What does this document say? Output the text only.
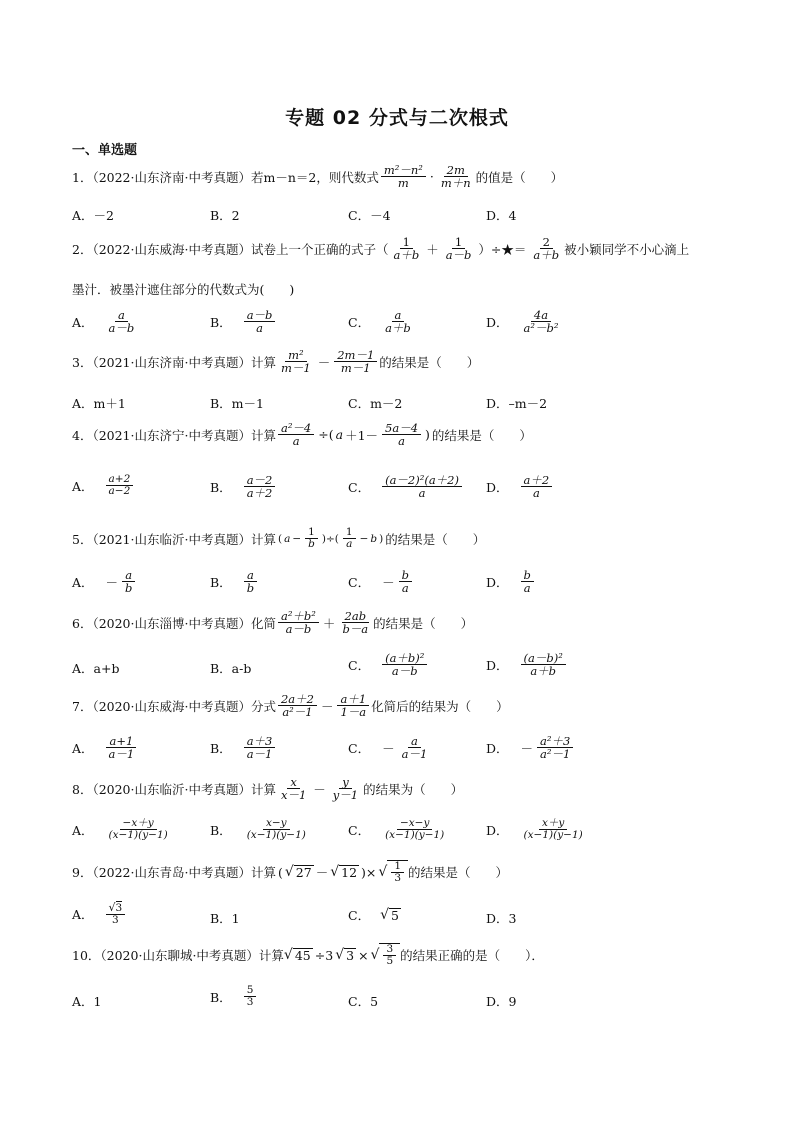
专题 02 分式与二次根式
一、单选题
1．（2022·山东济南·中考真题）若 m－n＝2，则代数式 $\frac{\text{m²－n²}}{m} \cdot \frac{2m}{m+n}$ 的值是（　　）
A．－2	B．2	C．－4	D．4
2．（2022·山东威海·中考真题）试卷上一个正确的式子（ $\frac{1}{a+b} + \frac{1}{a-b}$ ）÷★＝ $\frac{2}{a+b}$ 被小颖同学不小心滴上
墨汁．被墨汁遮住部分的代数式为(　　)
A． $\frac{a}{a-b}$	B． $\frac{a-b}{a}$	C． $\frac{a}{a+b}$	D． $\frac{4a}{\text{a²－b²}}$
3．（2021·山东济南·中考真题）计算 $\frac{\text{m²}}{m-1} - \frac{2m-1}{m-1}$ 的结果是（　　）
A．m＋1	B．m－1	C．m－2	D．–m－2
4．（2021·山东济宁·中考真题）计算 $\frac{\text{a²－4}}{a}$ ÷( $a +1- \frac{5a-4}{a}$ ) 的结果是（　　）
A． $\frac{a+2}{a-2}$	B． $\frac{a-2}{a+2}$	C． $\frac{\text{(a－2)²(a＋2)}}{a}$ D． $\frac{a+2}{a}$
5．（2021·山东临沂·中考真题）计算 ( $a - \frac{1}{b}$ )÷( $\frac{1}{a} - b$ ) 的结果是（　　）
A． － $\frac{a}{b}$	B． $\frac{a}{b}$	C． － $\frac{b}{a}$	D． $\frac{b}{a}$
6．（2020·山东淄博·中考真题）化简 $\frac{\text{a²＋b²}}{a-b} + \frac{2ab}{b-a}$ 的结果是（　　）
A．a+b	B．a-b	C． $\frac{\text{(a＋b)²}}{a-b}$	D． $\frac{\text{(a－b)²}}{a+b}$
7．（2020·山东威海·中考真题）分式 $\frac{2a+2}{\text{a²－1}} - \frac{a+1}{1-a}$ 化简后的结果为（　　）
A． $\frac{a+1}{a-1}$	B． $\frac{a+3}{a-1}$	C． － $\frac{a}{a-1}$	D． － $\frac{\text{a²＋3}}{\text{a²－1}}$
8．（2020·山东临沂·中考真题）计算 $\frac{x}{x-1} - \frac{y}{y-1}$ 的结果为（　　）
A． $\frac{-x+y}{(x-1)(y-1)}$	B． $\frac{x-y}{(x-1)(y-1)}$	C． $\frac{-x-y}{(x-1)(y-1)}$	D． $\frac{x+y}{(x-1)(y-1)}$
9．（2022·山东青岛·中考真题）计算 ( √ 27 － √ 12 )× √ $\frac{1}{3}$ 的结果是（　　）
A． $\frac{√3}{3}$	B．1	C． √ 5	D．3
10．（2020·山东聊城·中考真题）计算 √ 45 ÷3 √ 3 × √ $\frac{3}{5}$ 的结果正确的是（　　）．
A．1	B． $\frac{5}{3}$	C．5	D．9
